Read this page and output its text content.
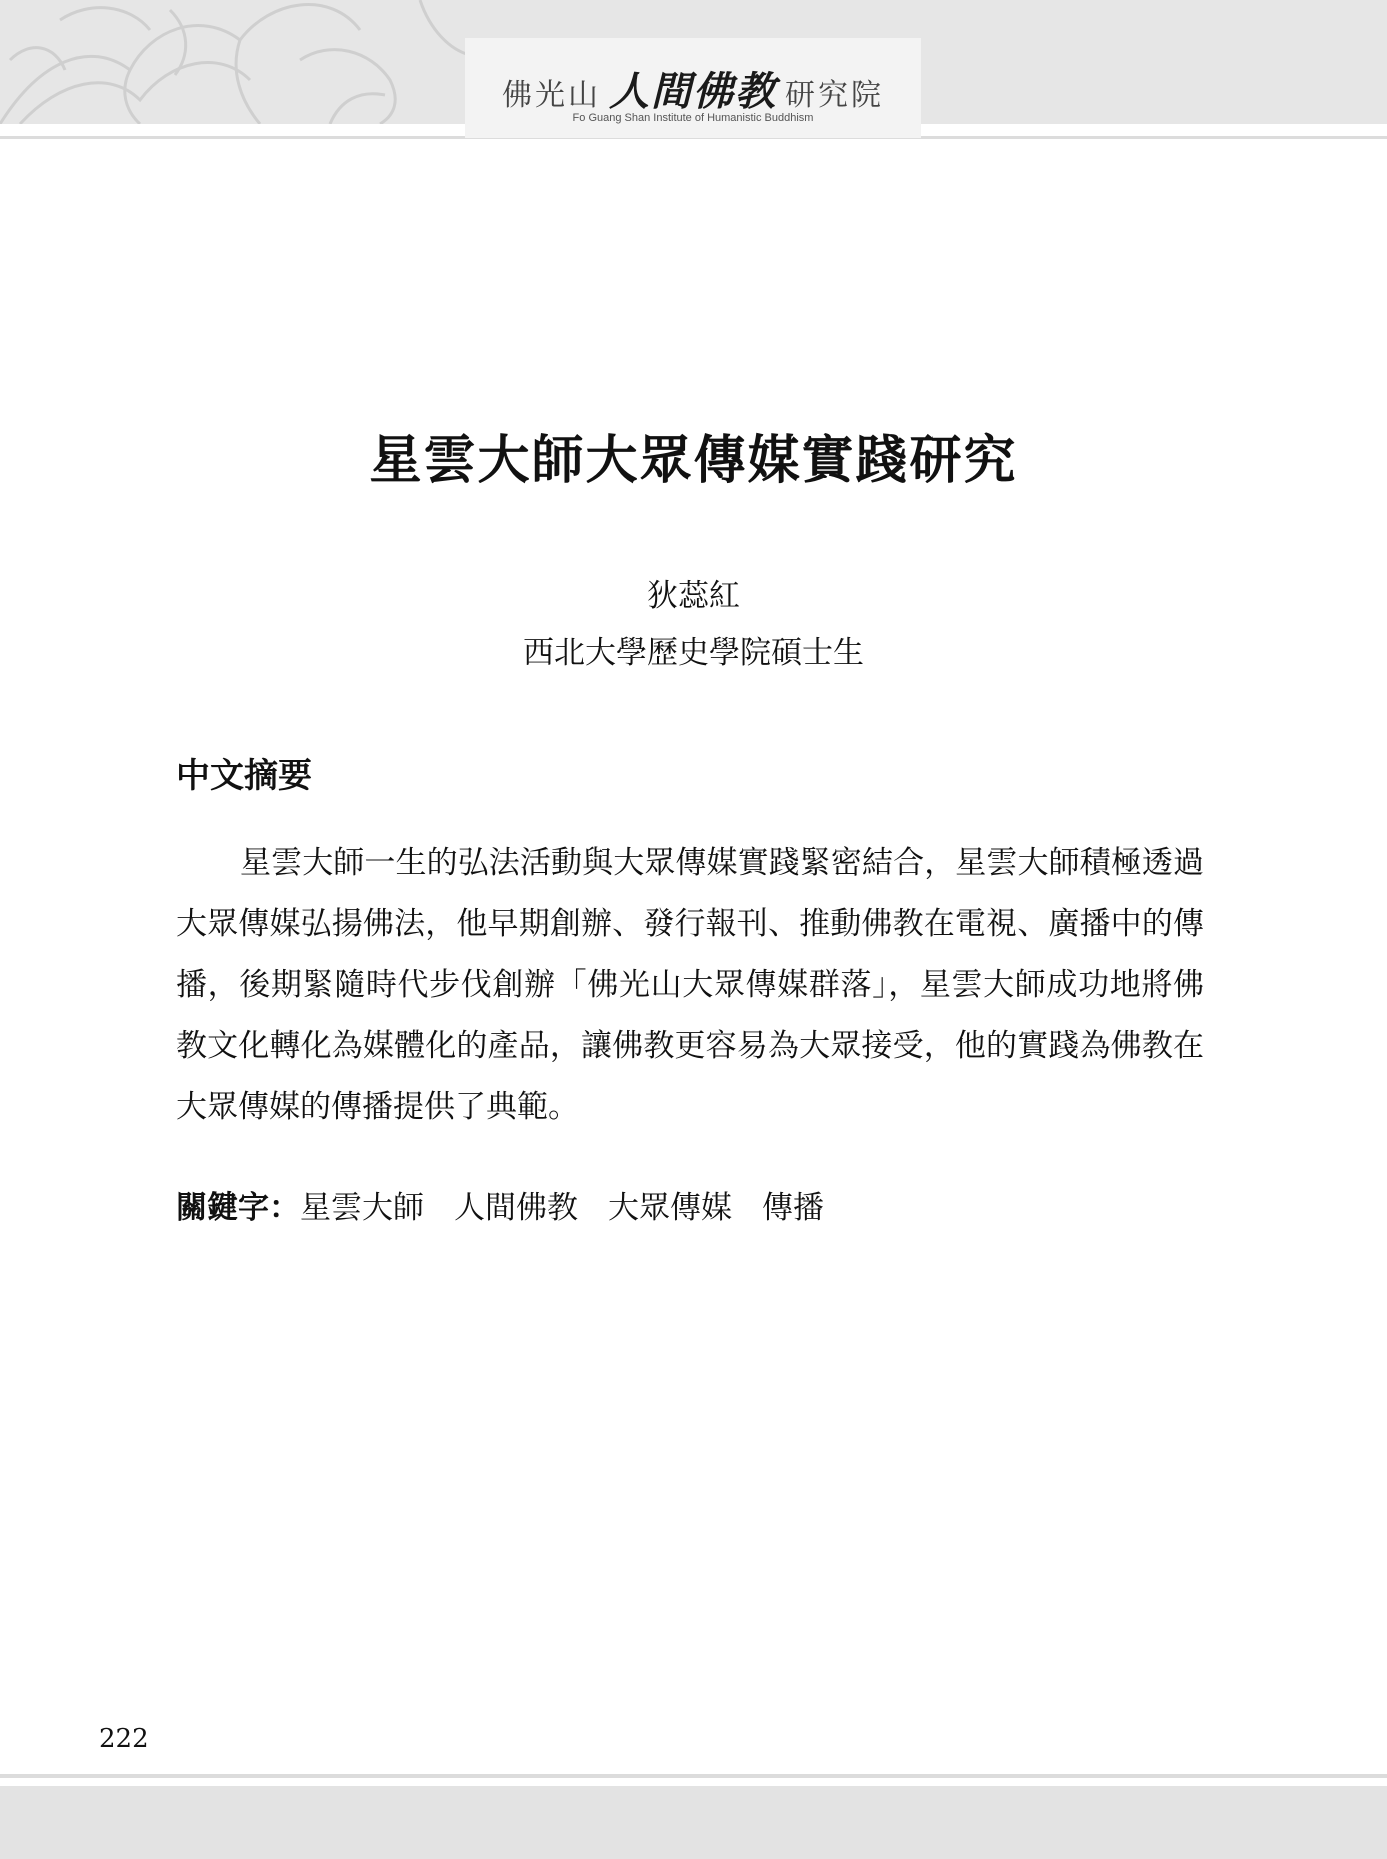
佛光山 人間佛教 研究院
Fo Guang Shan Institute of Humanistic Buddhism
星雲大師大眾傳媒實踐研究
狄蕊紅
西北大學歷史學院碩士生
中文摘要

星雲大師一生的弘法活動與大眾傳媒實踐緊密結合，星雲大師積極透過大眾傳媒弘揚佛法，他早期創辦、發行報刊、推動佛教在電視、廣播中的傳播，後期緊隨時代步伐創辦「佛光山大眾傳媒群落」，星雲大師成功地將佛教文化轉化為媒體化的產品，讓佛教更容易為大眾接受，他的實踐為佛教在大眾傳媒的傳播提供了典範。

關鍵字：星雲大師 人間佛教 大眾傳媒 傳播
222
